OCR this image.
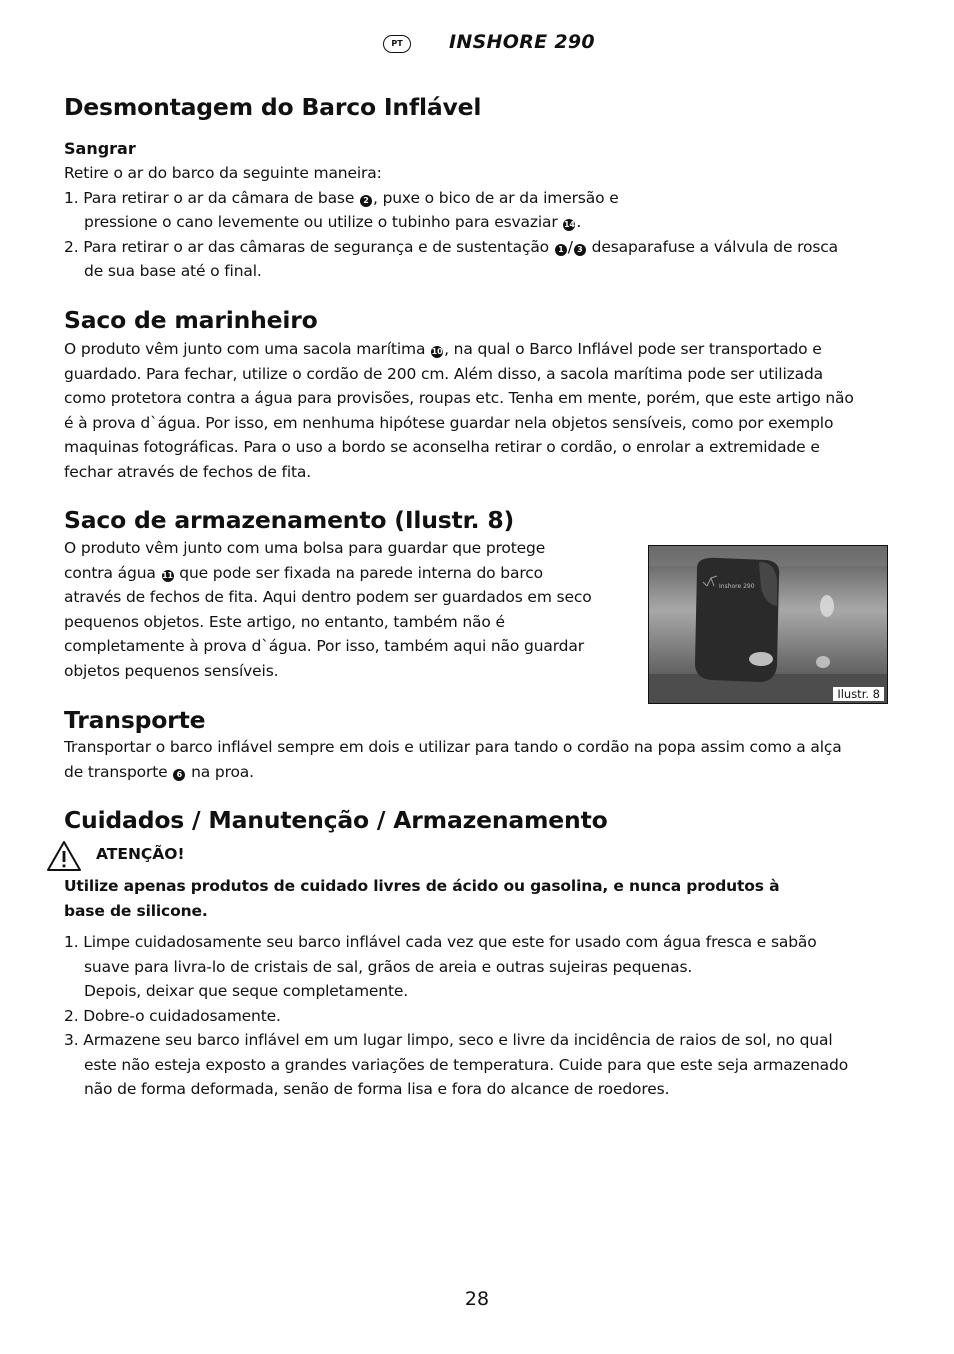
PT	INSHORE 290
Desmontagem do Barco Inflável
Sangrar
Retire o ar do barco da seguinte maneira:
1. Para retirar o ar da câmara de base 2 , puxe o bico de ar da imersão e
pressione o cano levemente ou utilize o tubinho para esvaziar 14 .
2. Para retirar o ar das câmaras de segurança e de sustentação 1 / 3 desaparafuse a válvula de rosca
de sua base até o final.
Saco de marinheiro
O produto vêm junto com uma sacola marítima 10 , na qual o Barco Inflável pode ser transportado e
guardado. Para fechar, utilize o cordão de 200 cm. Além disso, a sacola marítima pode ser utilizada
como protetora contra a água para provisões, roupas etc. Tenha em mente, porém, que este artigo não
é à prova d`água. Por isso, em nenhuma hipótese guardar nela objetos sensíveis, como por exemplo
maquinas fotográficas. Para o uso a bordo se aconselha retirar o cordão, o enrolar a extremidade e
fechar através de fechos de fita.
Saco de armazenamento (Ilustr. 8)
O produto vêm junto com uma bolsa para guardar que protege
contra água 11 que pode ser fixada na parede interna do barco
através de fechos de fita. Aqui dentro podem ser guardados em seco
pequenos objetos. Este artigo, no entanto, também não é
completamente à prova d`água. Por isso, também aqui não guardar
objetos pequenos sensíveis.
Inshore 290
Ilustr. 8
Transporte
Transportar o barco inflável sempre em dois e utilizar para tando o cordão na popa assim como a alça
de transporte 6 na proa.
Cuidados / Manutenção / Armazenamento
ATENÇÃO!
Utilize apenas produtos de cuidado livres de ácido ou gasolina, e nunca produtos à
base de silicone.
1. Limpe cuidadosamente seu barco inflável cada vez que este for usado com água fresca e sabão
suave para livra-lo de cristais de sal, grãos de areia e outras sujeiras pequenas.
Depois, deixar que seque completamente.
2. Dobre-o cuidadosamente.
3. Armazene seu barco inflável em um lugar limpo, seco e livre da incidência de raios de sol, no qual
este não esteja exposto a grandes variações de temperatura. Cuide para que este seja armazenado
não de forma deformada, senão de forma lisa e fora do alcance de roedores.
28
